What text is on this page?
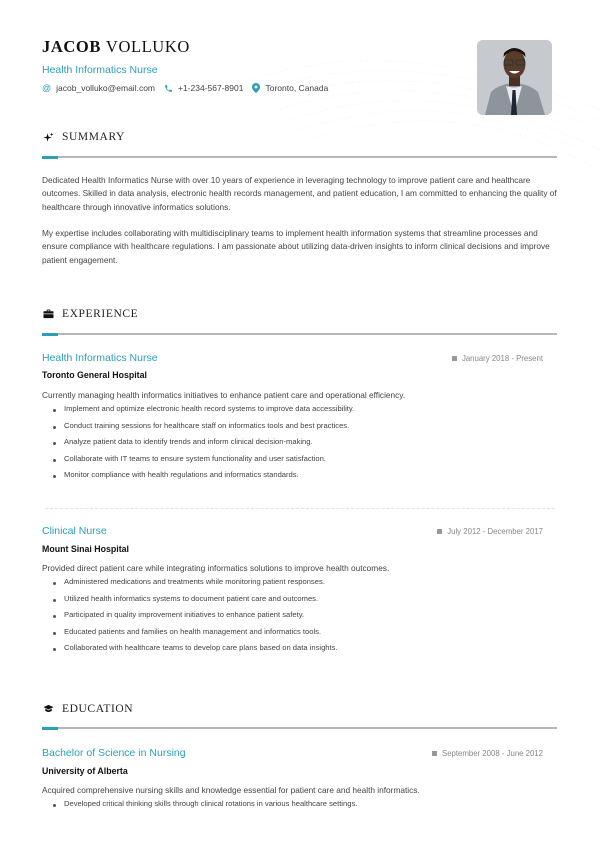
JACOB VOLLUKO
Health Informatics Nurse
@ jacob_volluko@email.com	+1-234-567-8901	Toronto, Canada
SUMMARY

Dedicated Health Informatics Nurse with over 10 years of experience in leveraging technology to improve patient care and healthcare outcomes. Skilled in data analysis, electronic health records management, and patient education, I am committed to enhancing the quality of healthcare through innovative informatics solutions.

My expertise includes collaborating with multidisciplinary teams to implement health information systems that streamline processes and ensure compliance with healthcare regulations. I am passionate about utilizing data-driven insights to inform clinical decisions and improve patient engagement.

EXPERIENCE
Health Informatics Nurse	January 2018 - Present
Toronto General Hospital
Currently managing health informatics initiatives to enhance patient care and operational efficiency.
Implement and optimize electronic health record systems to improve data accessibility.
Conduct training sessions for healthcare staff on informatics tools and best practices.
Analyze patient data to identify trends and inform clinical decision-making.
Collaborate with IT teams to ensure system functionality and user satisfaction.
Monitor compliance with health regulations and informatics standards.
Clinical Nurse	July 2012 - December 2017
Mount Sinai Hospital
Provided direct patient care while integrating informatics solutions to improve health outcomes.
Administered medications and treatments while monitoring patient responses.
Utilized health informatics systems to document patient care and outcomes.
Participated in quality improvement initiatives to enhance patient safety.
Educated patients and families on health management and informatics tools.
Collaborated with healthcare teams to develop care plans based on data insights.
EDUCATION
Bachelor of Science in Nursing	September 2008 - June 2012
University of Alberta
Acquired comprehensive nursing skills and knowledge essential for patient care and health informatics.
Developed critical thinking skills through clinical rotations in various healthcare settings.
